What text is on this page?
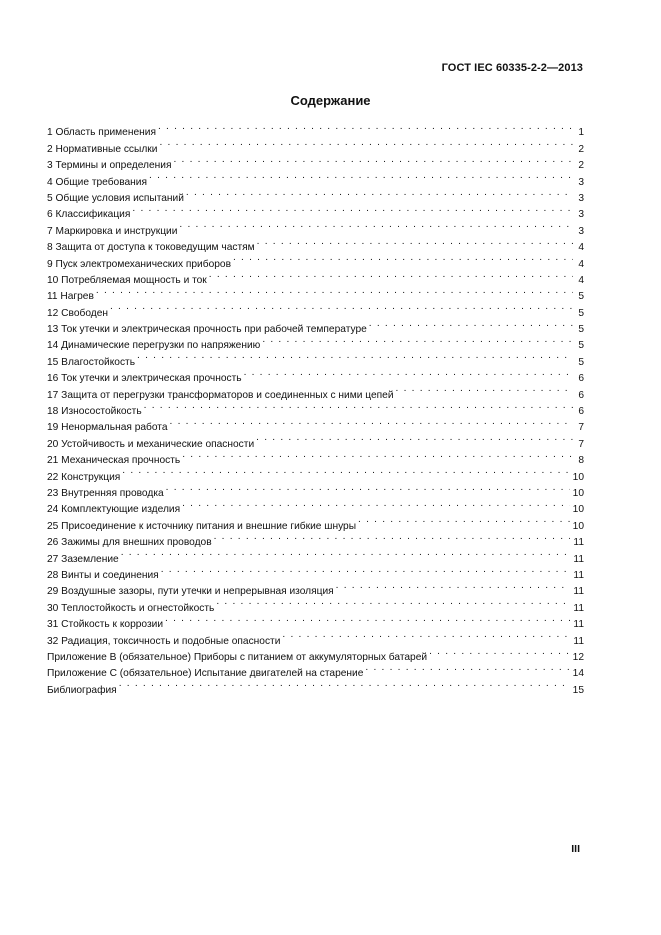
ГОСТ IEC 60335-2-2—2013
Содержание
1 Область применения . . .	1
2 Нормативные ссылки . . .	2
3 Термины и определения . . .	2
4 Общие требования . . .	3
5 Общие условия испытаний . . .	3
6 Классификация . . .	3
7 Маркировка и инструкции . . .	3
8 Защита от доступа к токоведущим частям . . .	4
9 Пуск электромеханических приборов . . .	4
10 Потребляемая мощность и ток . . .	4
11 Нагрев . . .	5
12 Свободен . . .	5
13 Ток утечки и электрическая прочность при рабочей температуре . . .	5
14 Динамические перегрузки по напряжению . . .	5
15 Влагостойкость . . .	5
16 Ток утечки и электрическая прочность . . .	6
17 Защита от перегрузки трансформаторов и соединенных с ними цепей . . .	6
18 Износостойкость . . .	6
19 Ненормальная работа . . .	7
20 Устойчивость и механические опасности . . .	7
21 Механическая прочность . . .	8
22 Конструкция . . .	10
23 Внутренняя проводка . . .	10
24 Комплектующие изделия . . .	10
25 Присоединение к источнику питания и внешние гибкие шнуры . . .	10
26 Зажимы для внешних проводов . . .	11
27 Заземление . . .	11
28 Винты и соединения . . .	11
29 Воздушные зазоры, пути утечки и непрерывная изоляция . . .	11
30 Теплостойкость и огнестойкость . . .	11
31 Стойкость к коррозии . . .	11
32 Радиация, токсичность и подобные опасности . . .	11
Приложение В (обязательное) Приборы с питанием от аккумуляторных батарей . . .	12
Приложение С (обязательное) Испытание двигателей на старение . . .	14
Библиография . . .	15
III
